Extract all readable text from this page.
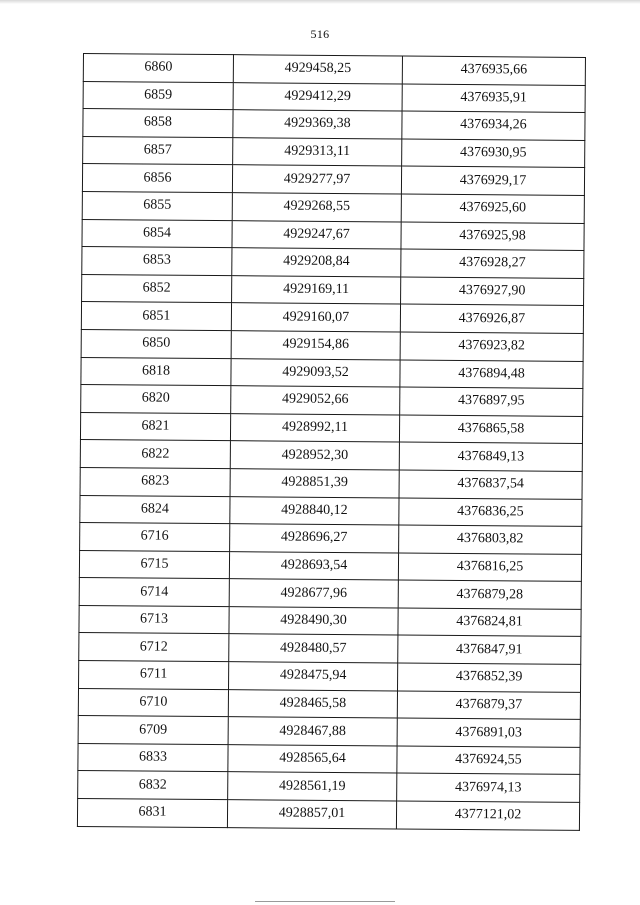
516
6860	4929458,25	4376935,66
6859	4929412,29	4376935,91
6858	4929369,38	4376934,26
6857	4929313,11	4376930,95
6856	4929277,97	4376929,17
6855	4929268,55	4376925,60
6854	4929247,67	4376925,98
6853	4929208,84	4376928,27
6852	4929169,11	4376927,90
6851	4929160,07	4376926,87
6850	4929154,86	4376923,82
6818	4929093,52	4376894,48
6820	4929052,66	4376897,95
6821	4928992,11	4376865,58
6822	4928952,30	4376849,13
6823	4928851,39	4376837,54
6824	4928840,12	4376836,25
6716	4928696,27	4376803,82
6715	4928693,54	4376816,25
6714	4928677,96	4376879,28
6713	4928490,30	4376824,81
6712	4928480,57	4376847,91
6711	4928475,94	4376852,39
6710	4928465,58	4376879,37
6709	4928467,88	4376891,03
6833	4928565,64	4376924,55
6832	4928561,19	4376974,13
6831	4928857,01	4377121,02
